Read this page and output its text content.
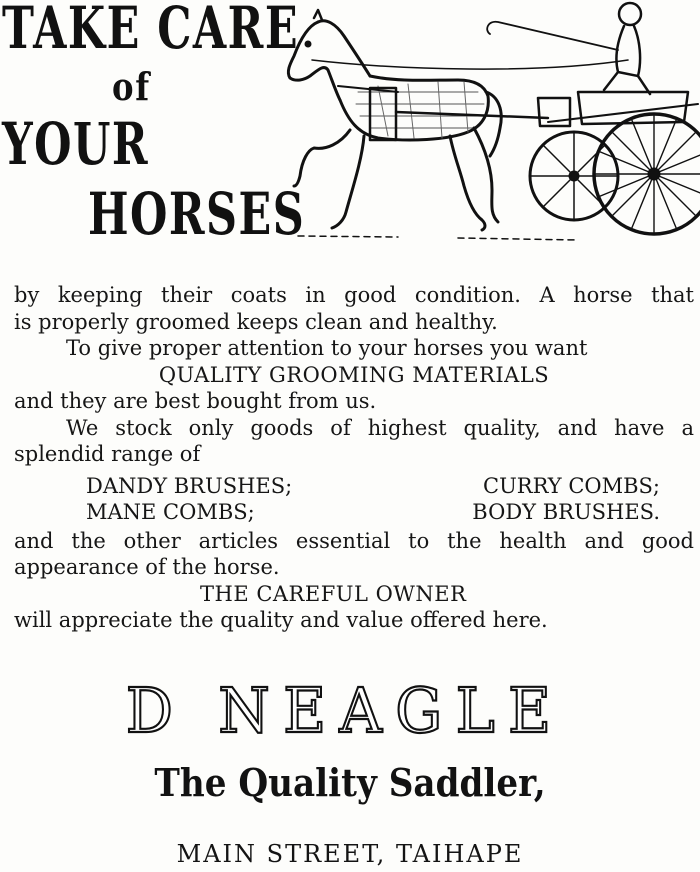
TAKE CARE
of
YOUR
HORSES

by keeping their coats in good condition. A horse that

is properly groomed keeps clean and healthy.

To give proper attention to your horses you want

QUALITY GROOMING MATERIALS

and they are best bought from us.

We stock only goods of highest quality, and have a

splendid range of

DANDY BRUSHES;	CURRY COMBS;
MANE COMBS;	BODY BRUSHES.

and the other articles essential to the health and good

appearance of the horse.

THE CAREFUL OWNER

will appreciate the quality and value offered here.

D NEAGLE
The Quality Saddler,

MAIN STREET, TAIHAPE
